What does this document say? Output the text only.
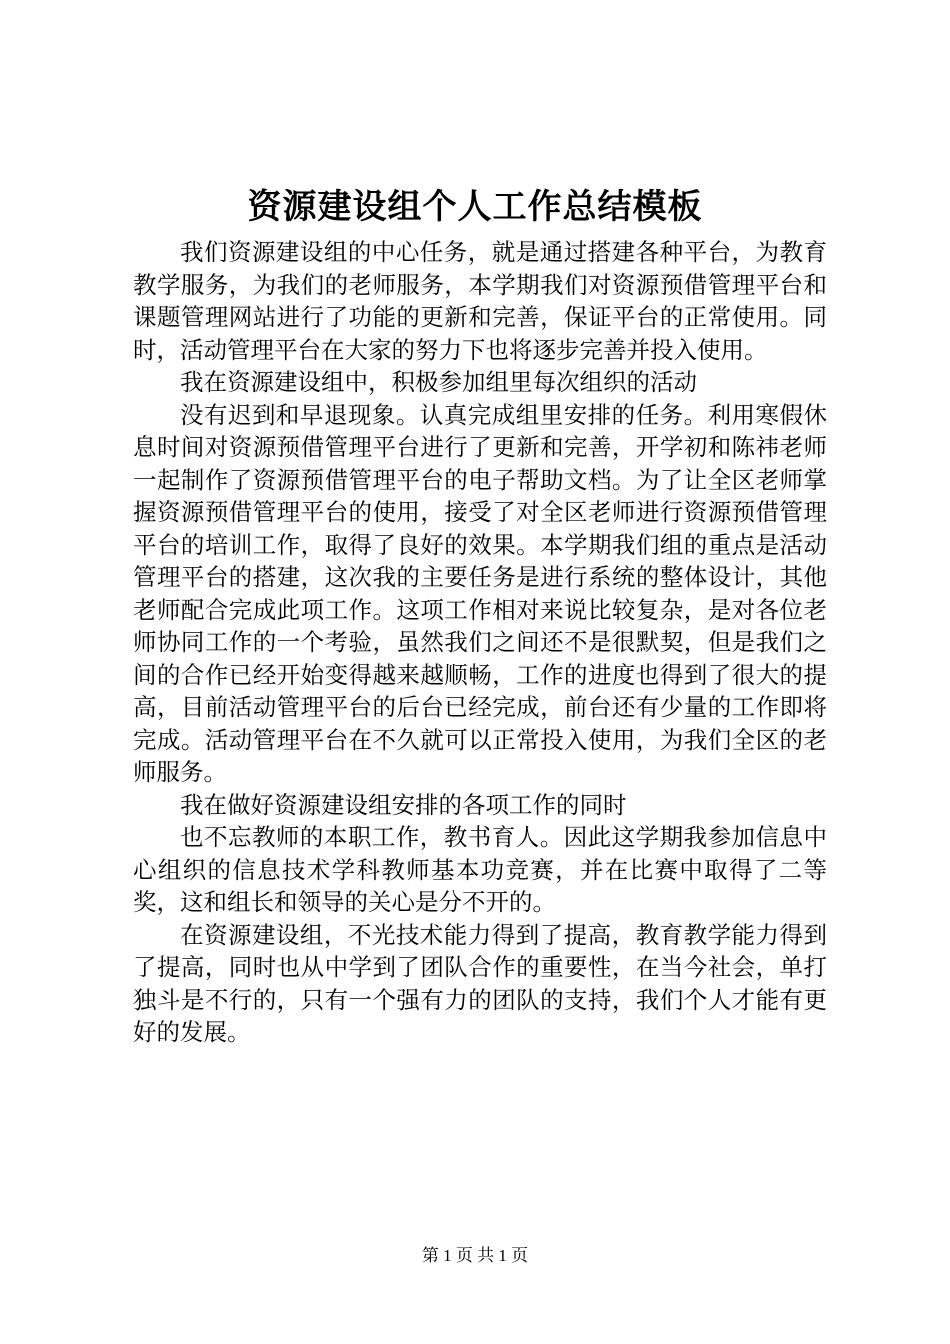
资源建设组个人工作总结模板

我们资源建设组的中心任务，就是通过搭建各种平台，为教育教学服务，为我们的老师服务，本学期我们对资源预借管理平台和课题管理网站进行了功能的更新和完善，保证平台的正常使用。同时，活动管理平台在大家的努力下也将逐步完善并投入使用。

我在资源建设组中，积极参加组里每次组织的活动

没有迟到和早退现象。认真完成组里安排的任务。利用寒假休息时间对资源预借管理平台进行了更新和完善，开学初和陈祎老师一起制作了资源预借管理平台的电子帮助文档。为了让全区老师掌握资源预借管理平台的使用，接受了对全区老师进行资源预借管理平台的培训工作，取得了良好的效果。本学期我们组的重点是活动管理平台的搭建，这次我的主要任务是进行系统的整体设计，其他老师配合完成此项工作。这项工作相对来说比较复杂，是对各位老师协同工作的一个考验，虽然我们之间还不是很默契，但是我们之间的合作已经开始变得越来越顺畅，工作的进度也得到了很大的提高，目前活动管理平台的后台已经完成，前台还有少量的工作即将完成。活动管理平台在不久就可以正常投入使用，为我们全区的老师服务。

我在做好资源建设组安排的各项工作的同时

也不忘教师的本职工作，教书育人。因此这学期我参加信息中心组织的信息技术学科教师基本功竞赛，并在比赛中取得了二等奖，这和组长和领导的关心是分不开的。

在资源建设组，不光技术能力得到了提高，教育教学能力得到了提高，同时也从中学到了团队合作的重要性，在当今社会，单打独斗是不行的，只有一个强有力的团队的支持，我们个人才能有更好的发展。

第 1 页 共 1 页
